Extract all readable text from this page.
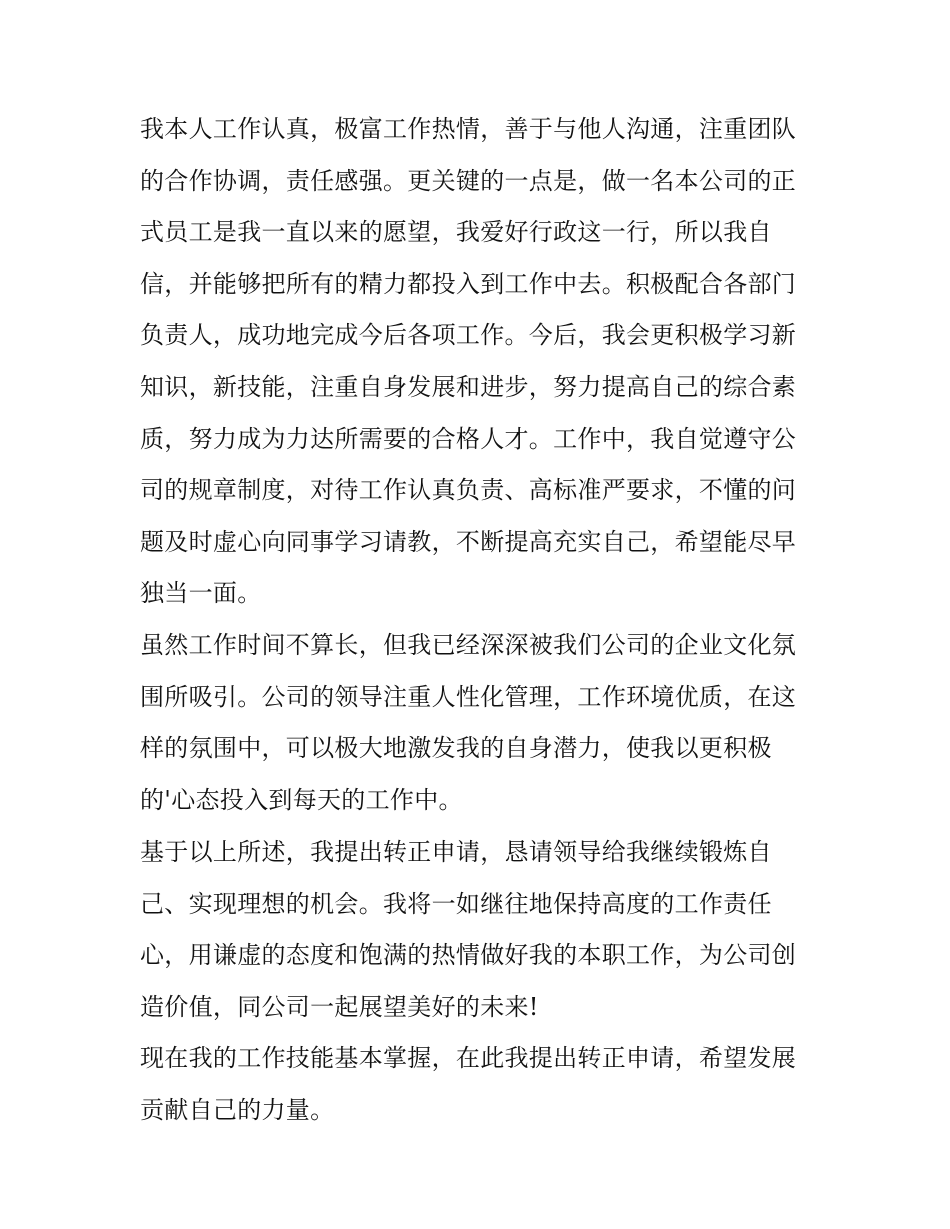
我本人工作认真，极富工作热情，善于与他人沟通，注重团队的合作协调，责任感强。更关键的一点是，做一名本公司的正式员工是我一直以来的愿望，我爱好行政这一行，所以我自信，并能够把所有的精力都投入到工作中去。积极配合各部门负责人，成功地完成今后各项工作。今后，我会更积极学习新知识，新技能，注重自身发展和进步，努力提高自己的综合素质，努力成为力达所需要的合格人才。工作中，我自觉遵守公司的规章制度，对待工作认真负责、高标准严要求，不懂的问题及时虚心向同事学习请教，不断提高充实自己，希望能尽早独当一面。

虽然工作时间不算长，但我已经深深被我们公司的企业文化氛围所吸引。公司的领导注重人性化管理，工作环境优质，在这样的氛围中，可以极大地激发我的自身潜力，使我以更积极的'心态投入到每天的工作中。

基于以上所述，我提出转正申请，恳请领导给我继续锻炼自己、实现理想的机会。我将一如继往地保持高度的工作责任心，用谦虚的态度和饱满的热情做好我的本职工作，为公司创造价值，同公司一起展望美好的未来!

现在我的工作技能基本掌握，在此我提出转正申请，希望发展贡献自己的力量。
